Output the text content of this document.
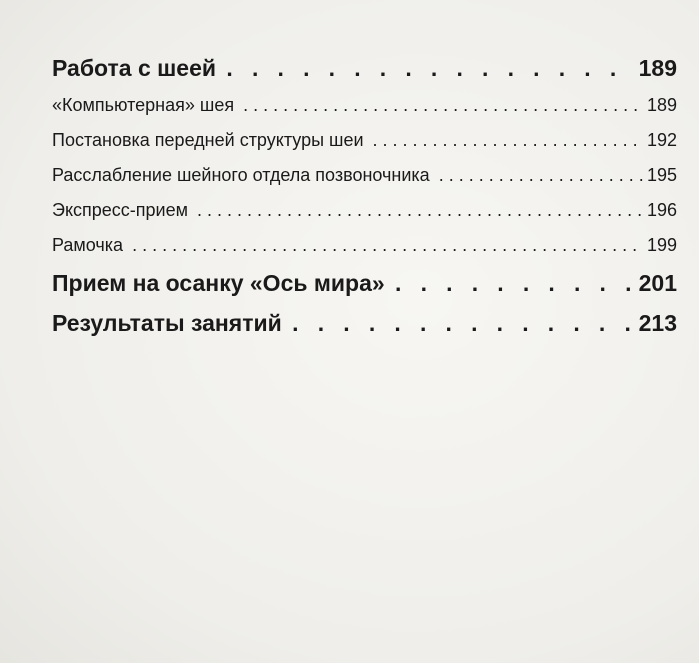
Работа с шеей . .	189
«Компьютерная» шея . . .	189
Постановка передней структуры шеи . . .	192
Расслабление шейного отдела позвоночника . . .	195
Экспресс-прием . . .	196
Рамочка . . .	199
Прием на осанку «Ось мира» . .	201
Результаты занятий . .	213
